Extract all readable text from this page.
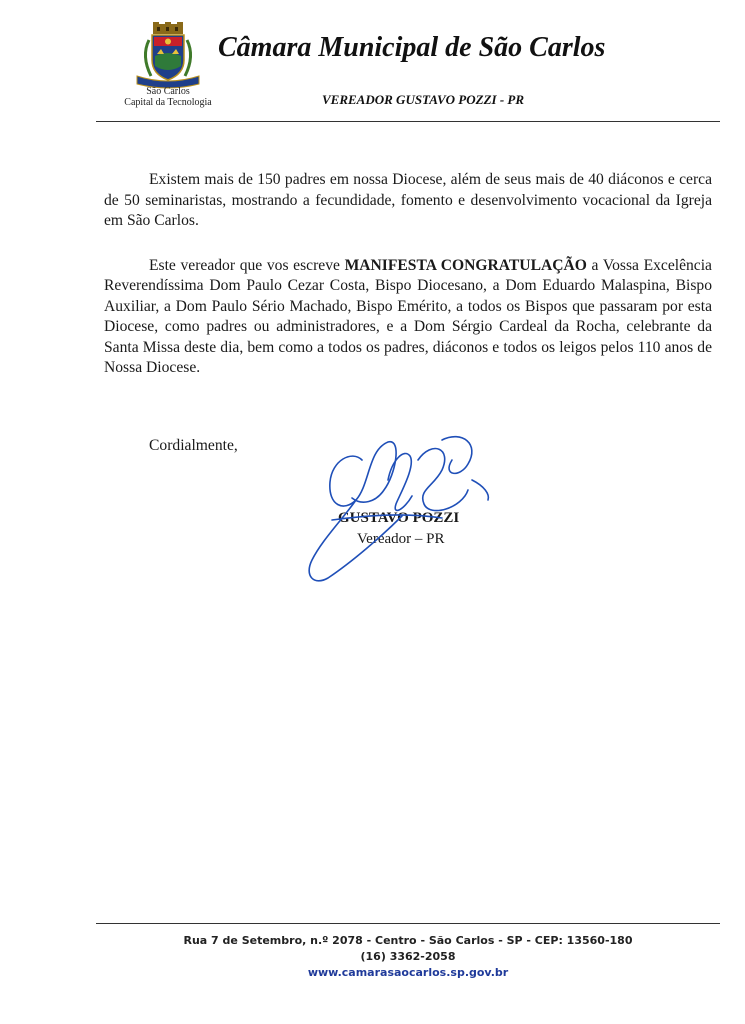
São Carlos
Capital da Tecnologia
Câmara Municipal de São Carlos
VEREADOR GUSTAVO POZZI - PR

Existem mais de 150 padres em nossa Diocese, além de seus mais de 40 diáconos e cerca de 50 seminaristas, mostrando a fecundidade, fomento e desenvolvimento vocacional da Igreja em São Carlos.

Este vereador que vos escreve MANIFESTA CONGRATULAÇÃO a Vossa Excelência Reverendíssima Dom Paulo Cezar Costa, Bispo Diocesano, a Dom Eduardo Malaspina, Bispo Auxiliar, a Dom Paulo Sério Machado, Bispo Emérito, a todos os Bispos que passaram por esta Diocese, como padres ou administradores, e a Dom Sérgio Cardeal da Rocha, celebrante da Santa Missa deste dia, bem como a todos os padres, diáconos e todos os leigos pelos 110 anos de Nossa Diocese.

Cordialmente,
GUSTAVO POZZI
Vereador – PR
Rua 7 de Setembro, n.º 2078 - Centro - São Carlos - SP - CEP: 13560-180
(16) 3362-2058
www.camarasaocarlos.sp.gov.br
